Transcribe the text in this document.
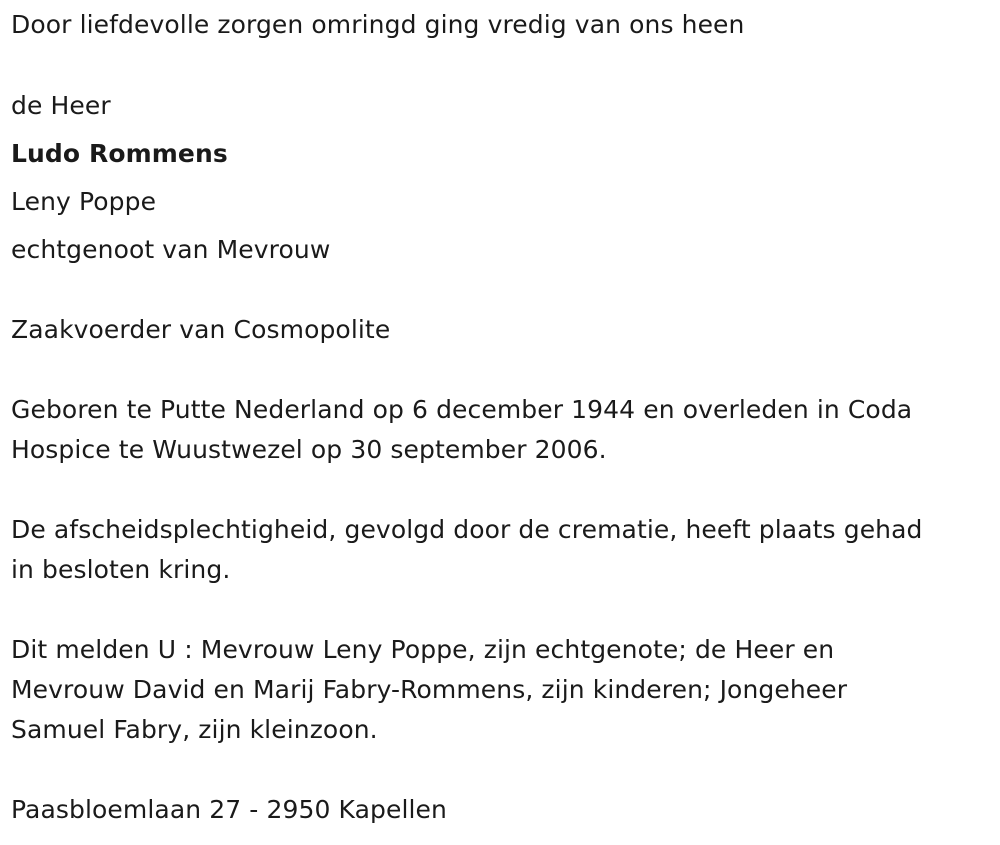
Door liefdevolle zorgen omringd ging vredig van ons heen
de Heer
Ludo Rommens
Leny Poppe
echtgenoot van Mevrouw
Zaakvoerder van Cosmopolite
Geboren te Putte Nederland op 6 december 1944 en overleden in Coda
Hospice te Wuustwezel op 30 september 2006.
De afscheidsplechtigheid, gevolgd door de crematie, heeft plaats gehad
in besloten kring.
Dit melden U : Mevrouw Leny Poppe, zijn echtgenote; de Heer en
Mevrouw David en Marij Fabry-Rommens, zijn kinderen; Jongeheer
Samuel Fabry, zijn kleinzoon.
Paasbloemlaan 27 - 2950 Kapellen
